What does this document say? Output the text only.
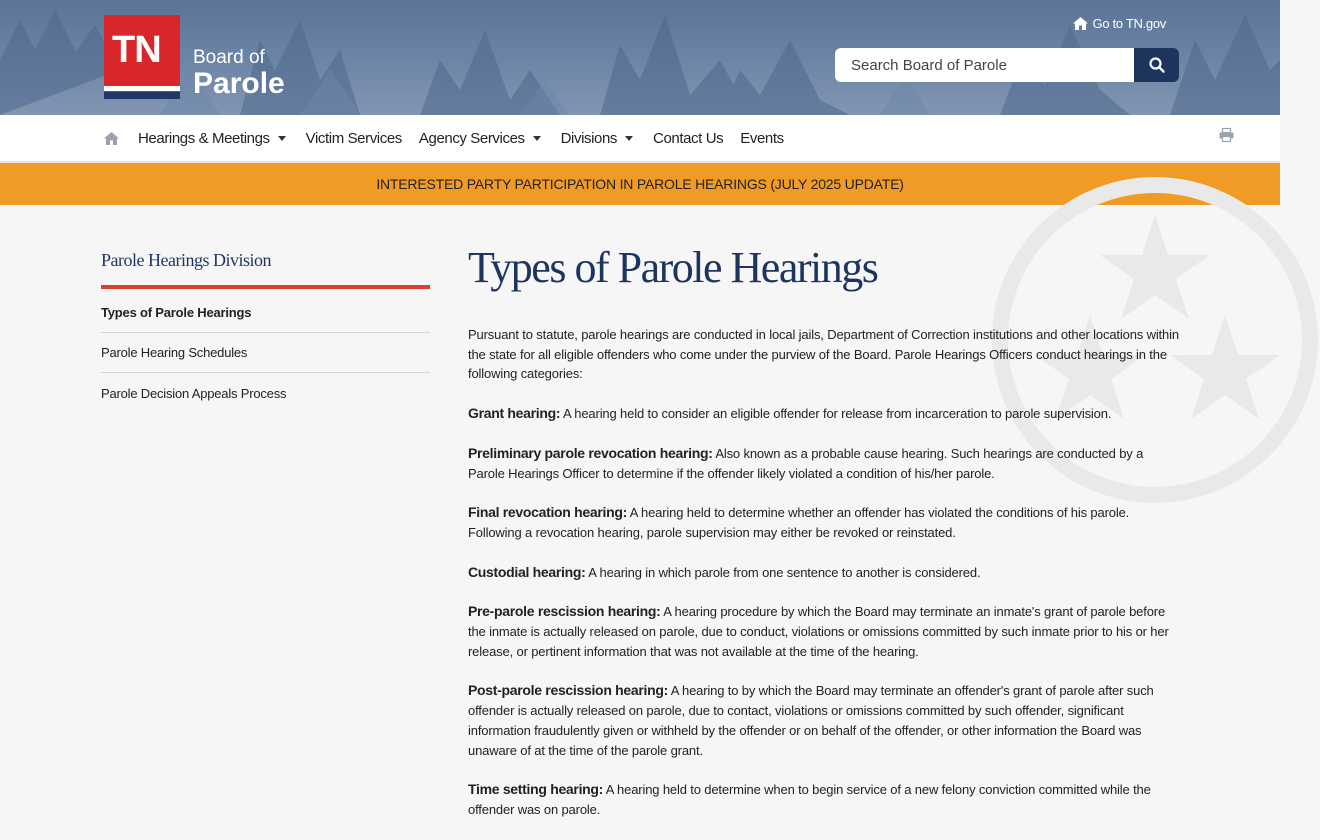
TN Board of
Parole
Go to TN.gov
Search Board of Parole
Hearings & Meetings Victim Services Agency Services Divisions Contact Us Events
INTERESTED PARTY PARTICIPATION IN PAROLE HEARINGS (JULY 2025 UPDATE)
Parole Hearings Division
Types of Parole Hearings
Parole Hearing Schedules
Parole Decision Appeals Process
Types of Parole Hearings

Pursuant to statute, parole hearings are conducted in local jails, Department of Correction institutions and other locations within the state for all eligible offenders who come under the purview of the Board. Parole Hearings Officers conduct hearings in the following categories:

Grant hearing: A hearing held to consider an eligible offender for release from incarceration to parole supervision.

Preliminary parole revocation hearing: Also known as a probable cause hearing. Such hearings are conducted by a Parole Hearings Officer to determine if the offender likely violated a condition of his/her parole.

Final revocation hearing: A hearing held to determine whether an offender has violated the conditions of his parole. Following a revocation hearing, parole supervision may either be revoked or reinstated.

Custodial hearing: A hearing in which parole from one sentence to another is considered.

Pre-parole rescission hearing: A hearing procedure by which the Board may terminate an inmate's grant of parole before the inmate is actually released on parole, due to conduct, violations or omissions committed by such inmate prior to his or her release, or pertinent information that was not available at the time of the hearing.

Post-parole rescission hearing: A hearing to by which the Board may terminate an offender's grant of parole after such offender is actually released on parole, due to contact, violations or omissions committed by such offender, significant information fraudulently given or withheld by the offender or on behalf of the offender, or other information the Board was unaware of at the time of the parole grant.

Time setting hearing: A hearing held to determine when to begin service of a new felony conviction committed while the offender was on parole.
